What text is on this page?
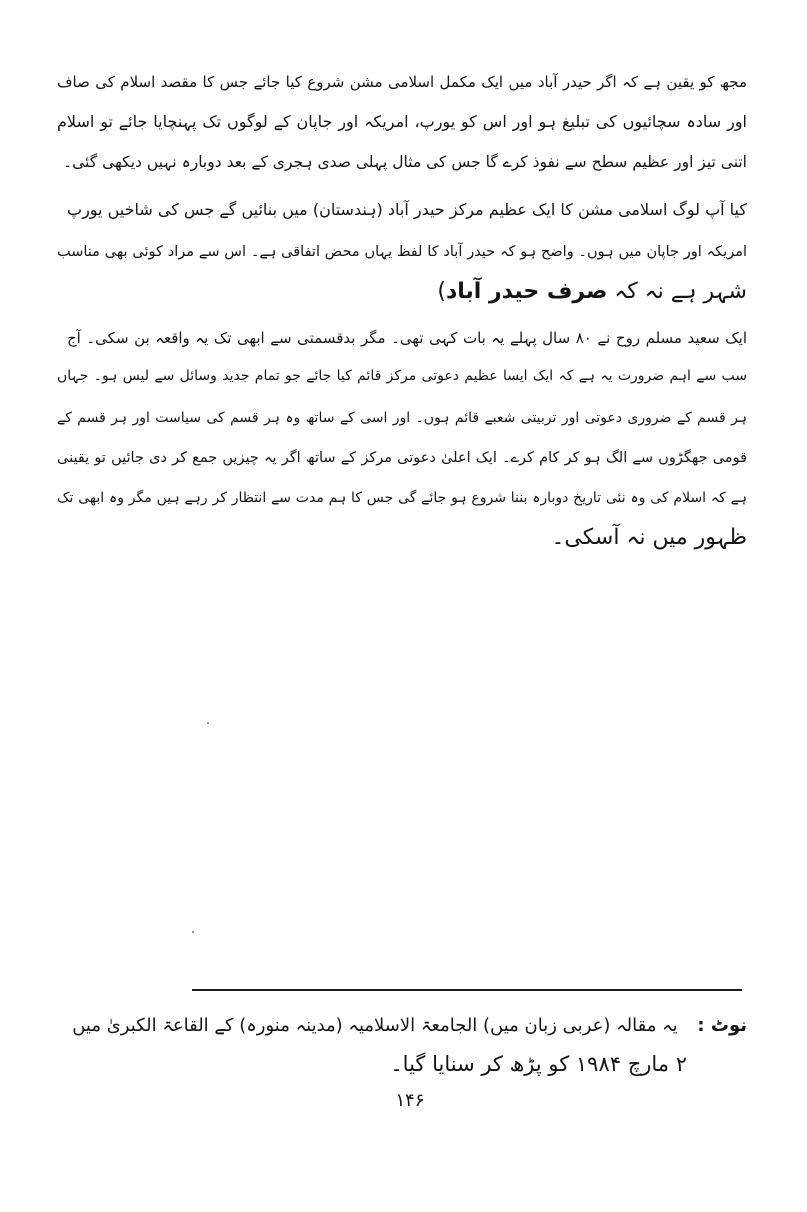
مجھ کو یقین ہے کہ اگر حیدر آباد میں ایک مکمل اسلامی مشن شروع کیا جائے جس کا مقصد اسلام کی صاف
اور سادہ سچائیوں کی تبلیغ ہو اور اس کو یورپ، امریکہ اور جاپان کے لوگوں تک پہنچایا جائے تو اسلام
اتنی تیز اور عظیم سطح سے نفوذ کرے گا جس کی مثال پہلی صدی ہجری کے بعد دوبارہ نہیں دیکھی گئی۔
کیا آپ لوگ اسلامی مشن کا ایک عظیم مرکز حیدر آباد (ہندستان) میں بنائیں گے جس کی شاخیں یورپ
امریکہ اور جاپان میں ہوں۔ واضح ہو کہ حیدر آباد کا لفظ یہاں محض اتفاقی ہے۔ اس سے مراد کوئی بھی مناسب
شہر ہے نہ کہ صرف حیدر آباد)
ایک سعید مسلم روح نے ۸۰ سال پہلے یہ بات کہی تھی۔ مگر بدقسمتی سے ابھی تک یہ واقعہ بن سکی۔ آج
سب سے اہم ضرورت یہ ہے کہ ایک ایسا عظیم دعوتی مرکز قائم کیا جائے جو تمام جدید وسائل سے لیس ہو۔ جہاں
ہر قسم کے ضروری دعوتی اور تربیتی شعبے قائم ہوں۔ اور اسی کے ساتھ وہ ہر قسم کی سیاست اور ہر قسم کے
قومی جھگڑوں سے الگ ہو کر کام کرے۔ ایک اعلیٰ دعوتی مرکز کے ساتھ اگر یہ چیزیں جمع کر دی جائیں تو یقینی
ہے کہ اسلام کی وہ نئی تاریخ دوبارہ بننا شروع ہو جائے گی جس کا ہم مدت سے انتظار کر رہے ہیں مگر وہ ابھی تک
ظہور میں نہ آسکی۔
نوٹ : یہ مقالہ (عربی زبان میں) الجامعۃ الاسلامیہ (مدینہ منورہ) کے القاعۃ الکبریٰ میں
۲ مارچ ۱۹۸۴ کو پڑھ کر سنایا گیا۔
۱۴۶
